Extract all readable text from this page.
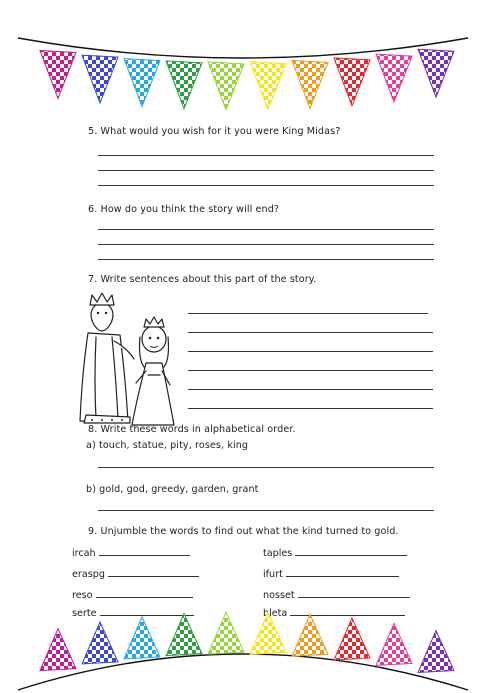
5. What would you wish for it you were King Midas?
6. How do you think the story will end?
7. Write sentences about this part of the story.
8. Write these words in alphabetical order.
a) touch, statue, pity, roses, king
b) gold, god, greedy, garden, grant
9. Unjumble the words to find out what the kind turned to gold.
ircah
eraspg
reso
serte
taples
ifurt
nosset
bleta
